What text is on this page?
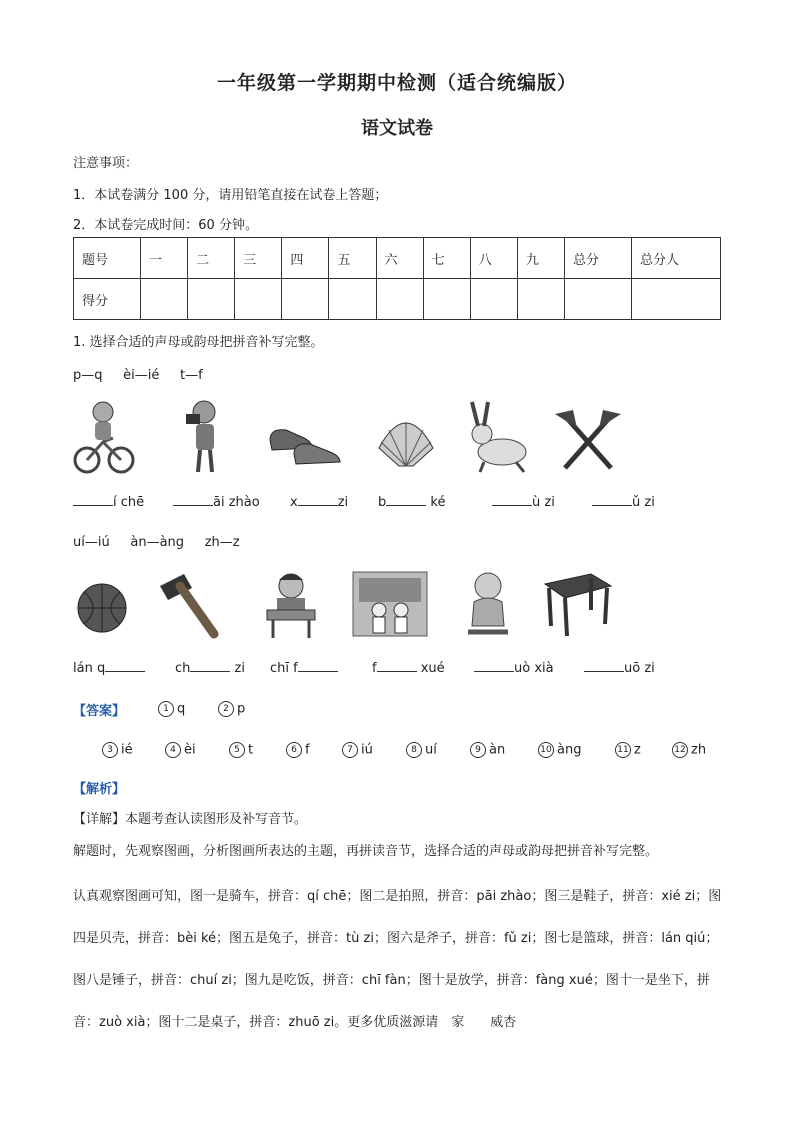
一年级第一学期期中检测（适合统编版）
语文试卷
注意事项：
1．本试卷满分 100 分，请用铅笔直接在试卷上答题；
2．本试卷完成时间：60 分钟。
题号	一	二	三	四	五	六	七	八	九	总分	总分人
得分											
1. 选择合适的声母或韵母把拼音补写完整。
p—q     èi—ié     t—f
í chē	āi zhào x	zi b	ké	ù zi	ǔ zi
uí—iú     àn—àng     zh—z
lán q	ch	zi chī f	f	xué	uò xià	uō zi
【答案】	1 q	2 p
3 ié	4 èi	5 t	6 f	7 iú	8 uí	9 àn	10 àng	11 z	12 zh
【解析】
【详解】本题考查认读图形及补写音节。
解题时，先观察图画，分析图画所表达的主题，再拼读音节，选择合适的声母或韵母把拼音补写完整。
认真观察图画可知，图一是骑车，拼音：qí chē；图二是拍照，拼音：pāi zhào；图三是鞋子，拼音：xié zi；图四是贝壳，拼音：bèi ké；图五是兔子，拼音：tù zi；图六是斧子，拼音：fǔ zi；图七是篮球，拼音：lán qiú；图八是锤子，拼音：chuí zi；图九是吃饭，拼音：chī fàn；图十是放学，拼音：fàng xué；图十一是坐下，拼音：zuò xià；图十二是桌子，拼音：zhuō zi。更多优质滋源请　家　　威杏
